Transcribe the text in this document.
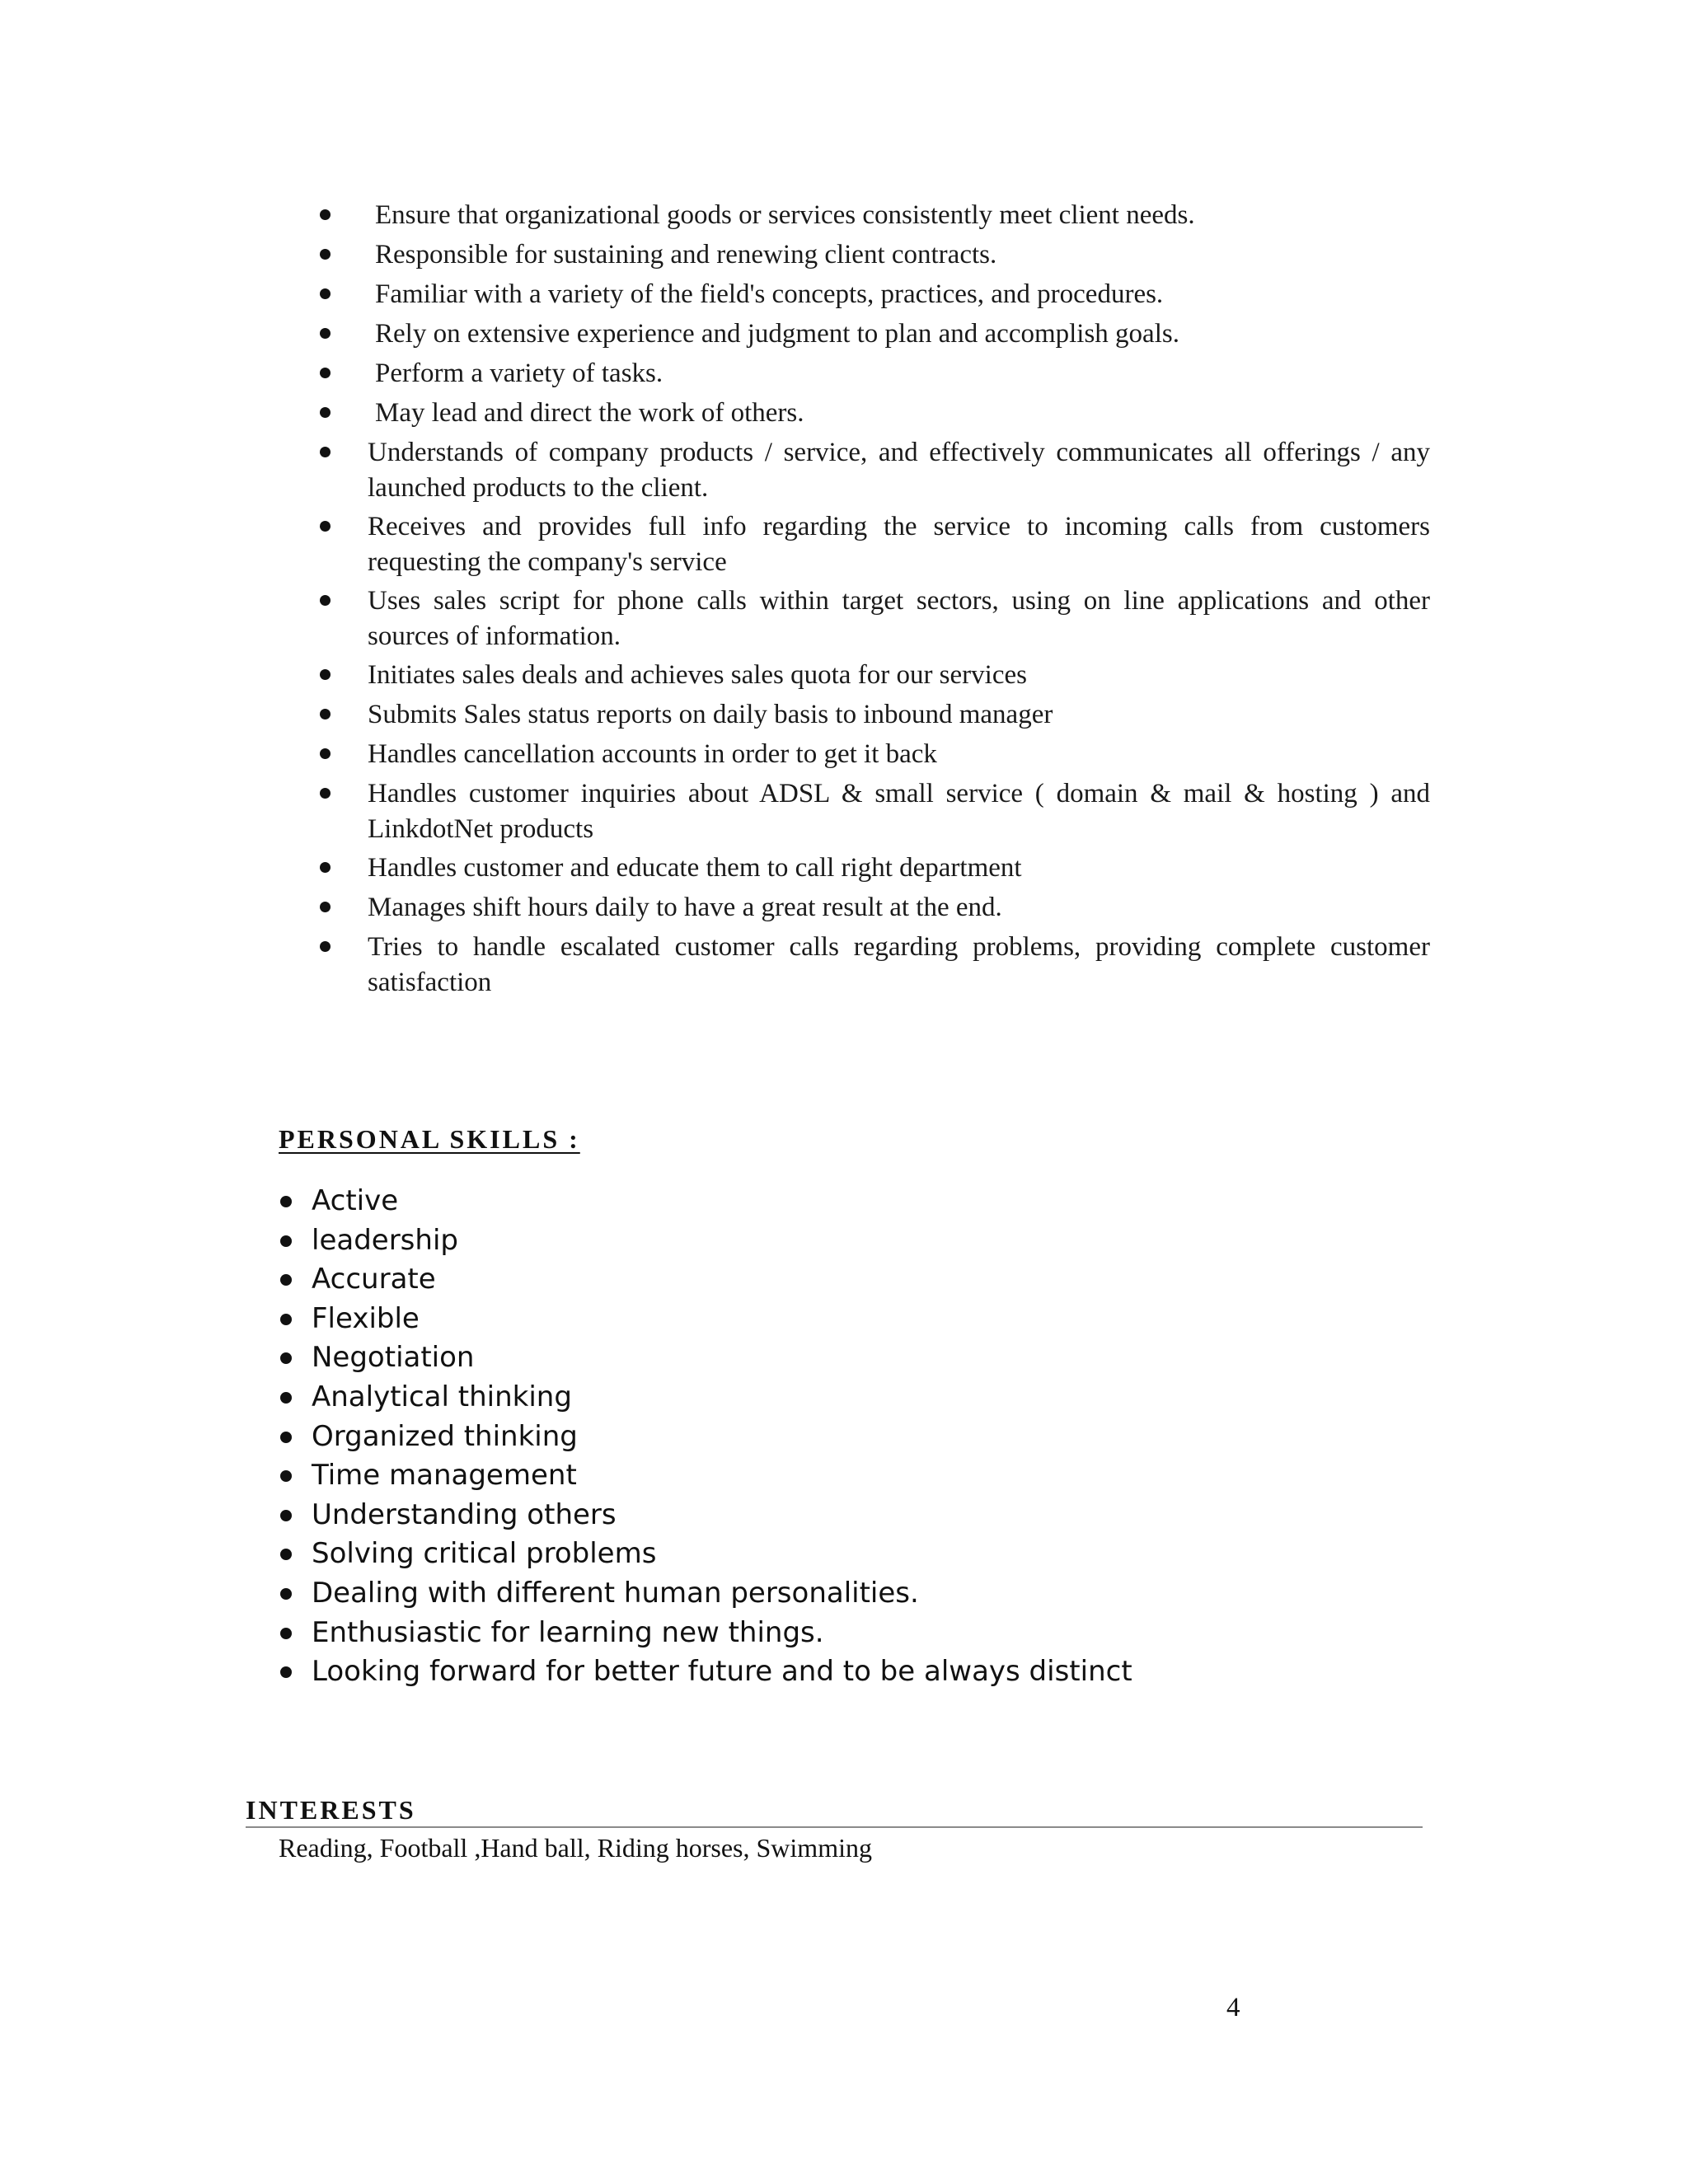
Ensure that organizational goods or services consistently meet client needs.
Responsible for sustaining and renewing client contracts.
Familiar with a variety of the field's concepts, practices, and procedures.
Rely on extensive experience and judgment to plan and accomplish goals.
Perform a variety of tasks.
May lead and direct the work of others.
Understands of company products / service, and effectively communicates all offerings / any launched products to the client.
Receives and provides full info regarding the service to incoming calls from customers requesting the company's service
Uses sales script for phone calls within target sectors, using on line applications and other sources of information.
Initiates sales deals and achieves sales quota for our services
Submits Sales status reports on daily basis to inbound manager
Handles cancellation accounts in order to get it back
Handles customer inquiries about ADSL & small service ( domain & mail & hosting ) and LinkdotNet products
Handles customer and educate them to call right department
Manages shift hours daily to have a great result at the end.
Tries to handle escalated customer calls regarding problems, providing complete customer satisfaction
PERSONAL SKILLS :
Active
leadership
Accurate
Flexible
Negotiation
Analytical thinking
Organized thinking
Time management
Understanding others
Solving critical problems
Dealing with different human personalities.
Enthusiastic for learning new things.
Looking forward for better future and to be always distinct
INTERESTS

Reading, Football ,Hand ball, Riding horses, Swimming

4
